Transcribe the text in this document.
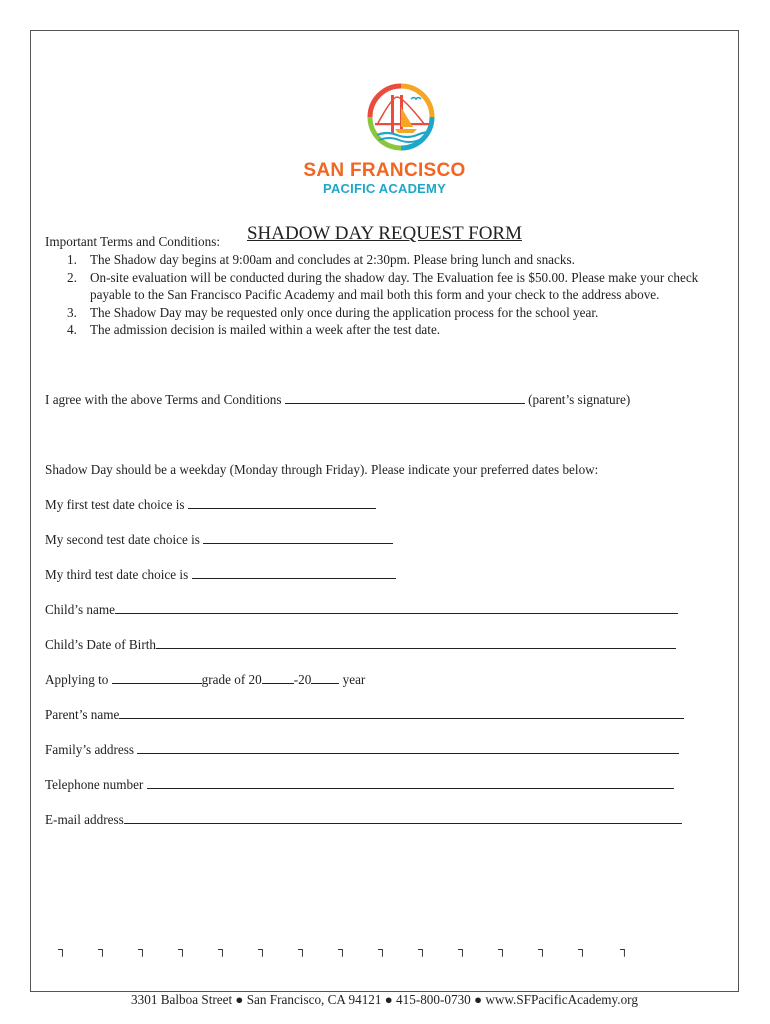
SAN FRANCISCO
PACIFIC ACADEMY
SHADOW DAY REQUEST FORM
Important Terms and Conditions:
1. The Shadow day begins at 9:00am and concludes at 2:30pm. Please bring lunch and snacks.
2. On-site evaluation will be conducted during the shadow day. The Evaluation fee is $50.00. Please make your check payable to the San Francisco Pacific Academy and mail both this form and your check to the address above.
3. The Shadow Day may be requested only once during the application process for the school year.
4. The admission decision is mailed within a week after the test date.
I agree with the above Terms and Conditions	(parent’s signature)
Shadow Day should be a weekday (Monday through Friday). Please indicate your preferred dates below:
My first test date choice is
My second test date choice is
My third test date choice is
Child’s name
Child’s Date of Birth
Applying to	grade of 20 -20 year
Parent’s name
Family’s address
Telephone number
E-mail address
3301 Balboa Street ● San Francisco, CA 94121 ● 415-800-0730 ● www.SFPacificAcademy.org
┐	┐	┐	┐	┐	┐	┐	┐	┐	┐	┐	┐	┐	┐	┐
